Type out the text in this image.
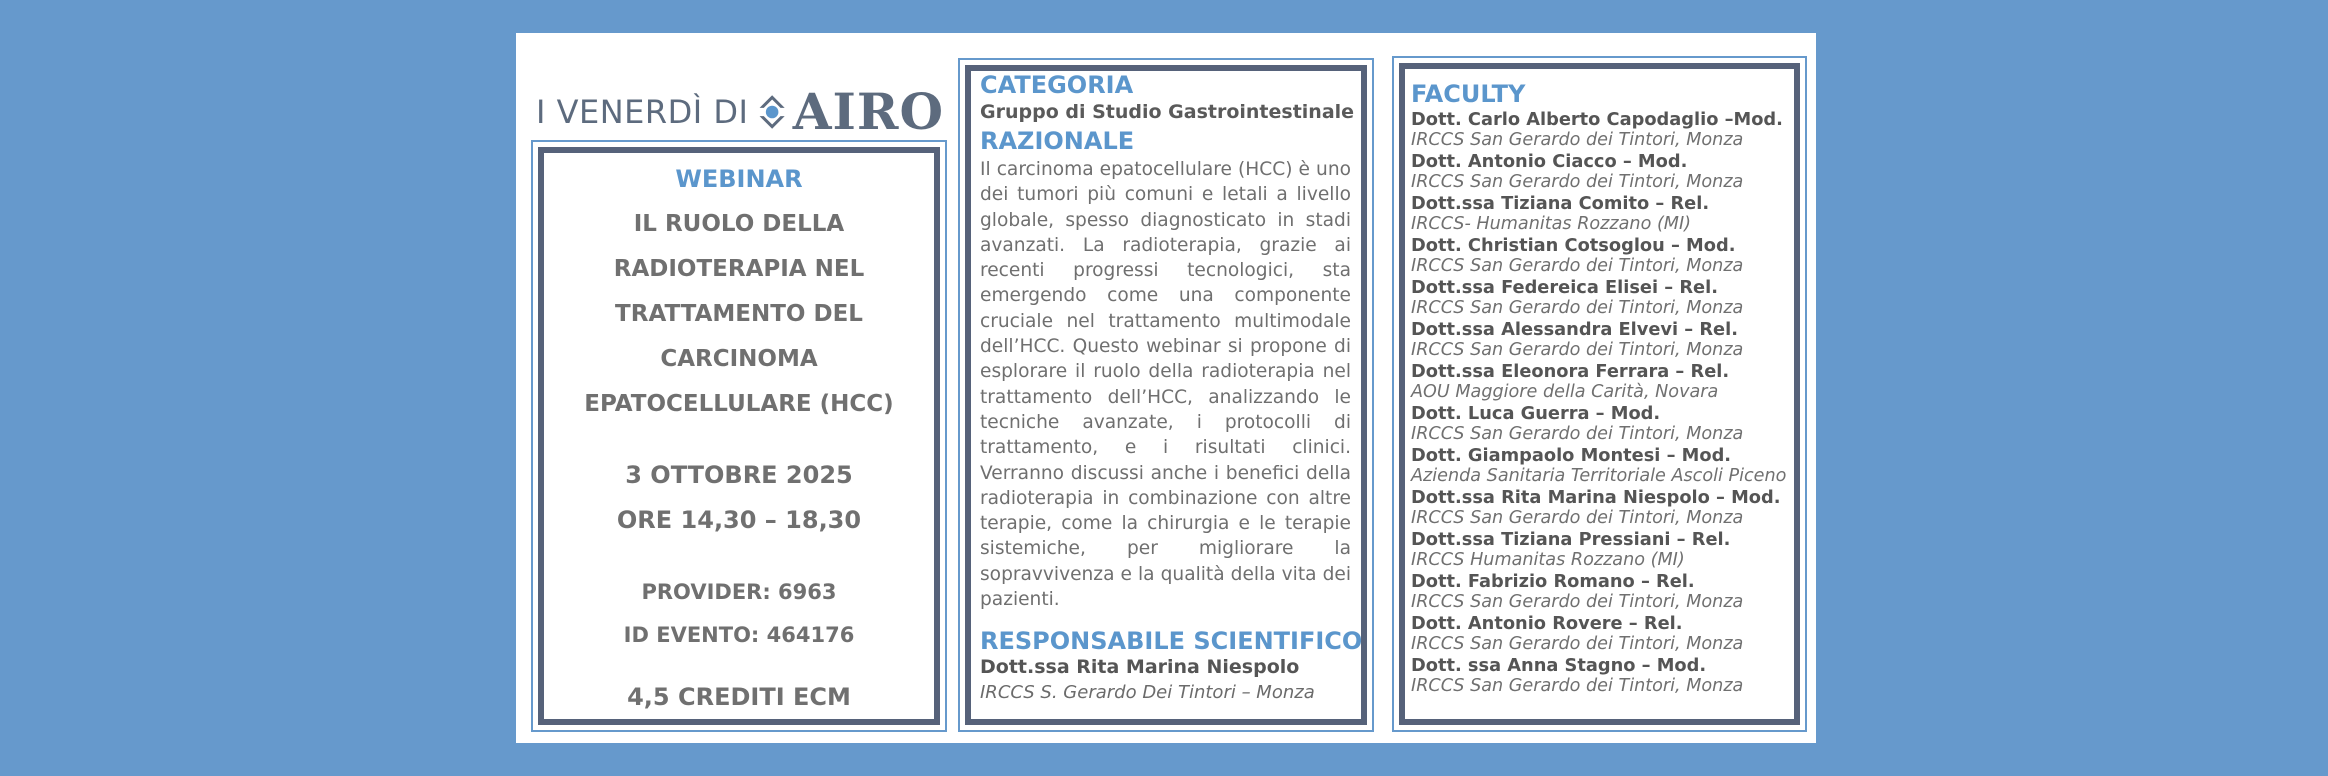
I VENERDÌ DI AIRO
WEBINAR
IL RUOLO DELLA
RADIOTERAPIA NEL
TRATTAMENTO DEL
CARCINOMA
EPATOCELLULARE (HCC)
3 OTTOBRE 2025
ORE 14,30 – 18,30
PROVIDER: 6963
ID EVENTO: 464176
4,5 CREDITI ECM
CATEGORIA
Gruppo di Studio Gastrointestinale
RAZIONALE
Il carcinoma epatocellulare (HCC) è uno dei tumori più comuni e letali a livello globale, spesso diagnosticato in stadi avanzati. La radioterapia, grazie ai recenti progressi tecnologici, sta emergendo come una componente cruciale nel trattamento multimodale dell’HCC. Questo webinar si propone di esplorare il ruolo della radioterapia nel trattamento dell’HCC, analizzando le tecniche avanzate, i protocolli di trattamento, e i risultati clinici. Verranno discussi anche i benefici della radioterapia in combinazione con altre terapie, come la chirurgia e le terapie sistemiche, per migliorare la sopravvivenza e la qualità della vita dei pazienti.
RESPONSABILE SCIENTIFICO
Dott.ssa Rita Marina Niespolo
IRCCS S. Gerardo Dei Tintori – Monza
FACULTY
Dott. Carlo Alberto Capodaglio –Mod.
IRCCS San Gerardo dei Tintori, Monza
Dott. Antonio Ciacco – Mod.
IRCCS San Gerardo dei Tintori, Monza
Dott.ssa Tiziana Comito – Rel.
IRCCS- Humanitas Rozzano (MI)
Dott. Christian Cotsoglou – Mod.
IRCCS San Gerardo dei Tintori, Monza
Dott.ssa Federeica Elisei – Rel.
IRCCS San Gerardo dei Tintori, Monza
Dott.ssa Alessandra Elvevi – Rel.
IRCCS San Gerardo dei Tintori, Monza
Dott.ssa Eleonora Ferrara – Rel.
AOU Maggiore della Carità, Novara
Dott. Luca Guerra – Mod.
IRCCS San Gerardo dei Tintori, Monza
Dott. Giampaolo Montesi – Mod.
Azienda Sanitaria Territoriale Ascoli Piceno
Dott.ssa Rita Marina Niespolo – Mod.
IRCCS San Gerardo dei Tintori, Monza
Dott.ssa Tiziana Pressiani – Rel.
IRCCS Humanitas Rozzano (MI)
Dott. Fabrizio Romano – Rel.
IRCCS San Gerardo dei Tintori, Monza
Dott. Antonio Rovere – Rel.
IRCCS San Gerardo dei Tintori, Monza
Dott. ssa Anna Stagno – Mod.
IRCCS San Gerardo dei Tintori, Monza
